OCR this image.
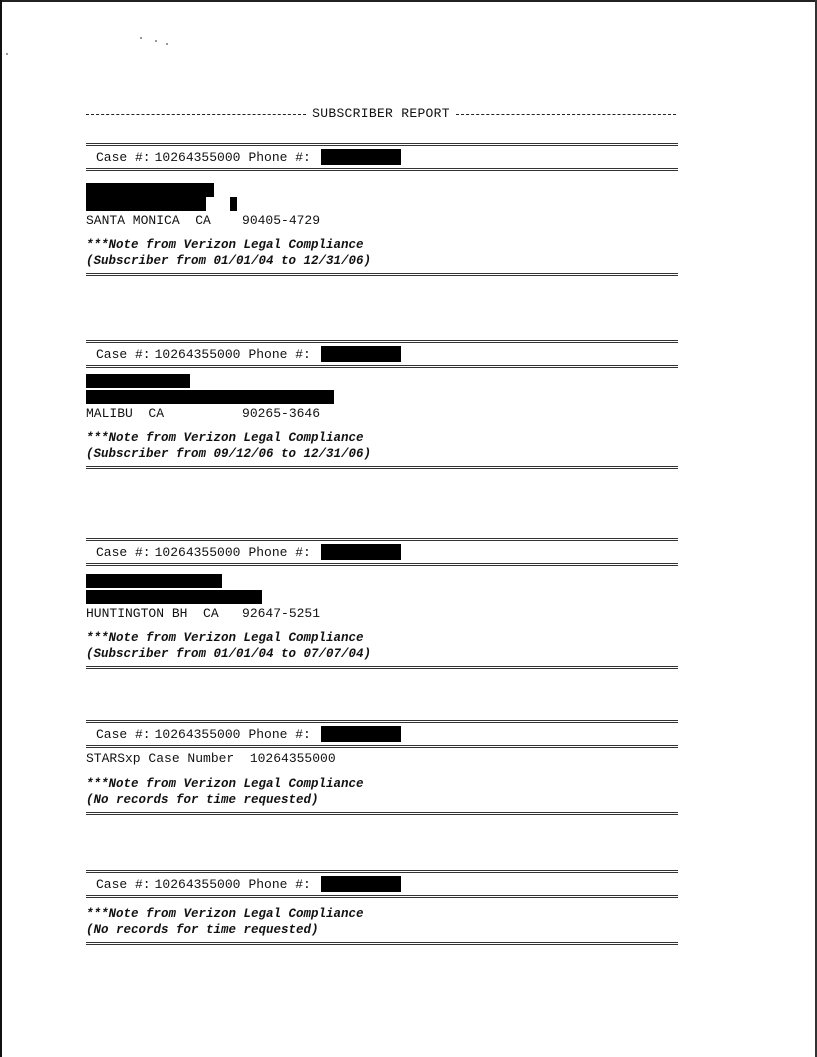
SUBSCRIBER REPORT
Case #: 10264355000 Phone #:
SANTA MONICA  CA    90405-4729
***Note from Verizon Legal Compliance
(Subscriber from 01/01/04 to 12/31/06)
Case #: 10264355000 Phone #:
MALIBU  CA          90265-3646
***Note from Verizon Legal Compliance
(Subscriber from 09/12/06 to 12/31/06)
Case #: 10264355000 Phone #:
HUNTINGTON BH  CA   92647-5251
***Note from Verizon Legal Compliance
(Subscriber from 01/01/04 to 07/07/04)
Case #: 10264355000 Phone #:
STARSxp Case Number  10264355000
***Note from Verizon Legal Compliance
(No records for time requested)
Case #: 10264355000 Phone #:
***Note from Verizon Legal Compliance
(No records for time requested)
